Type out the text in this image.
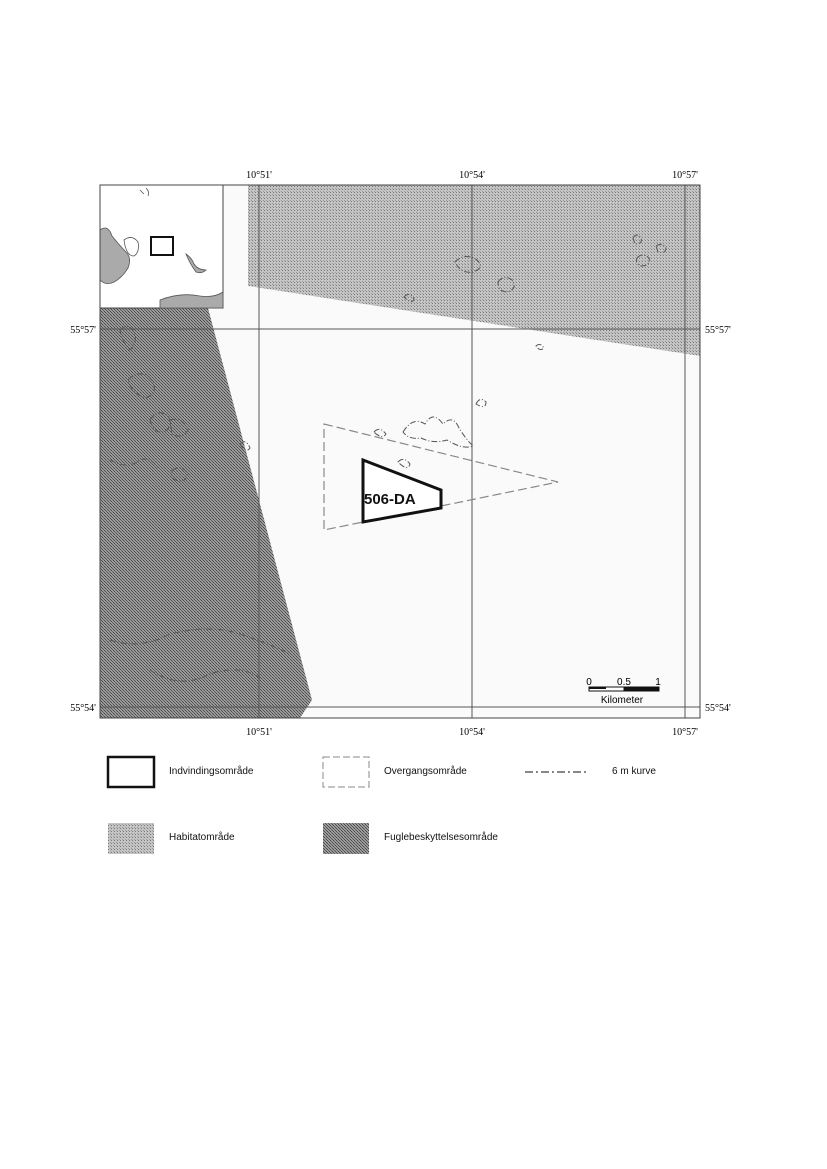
506-DA
10°51'	10°54'	10°57'
10°51'	10°54'	10°57'
55°57'
55°54'
55°57'
55°54'
0	0.5 1
Kilometer
Indvindingsområde	Overgangsområde	6 m kurve
Habitatområde	Fuglebeskyttelsesområde
